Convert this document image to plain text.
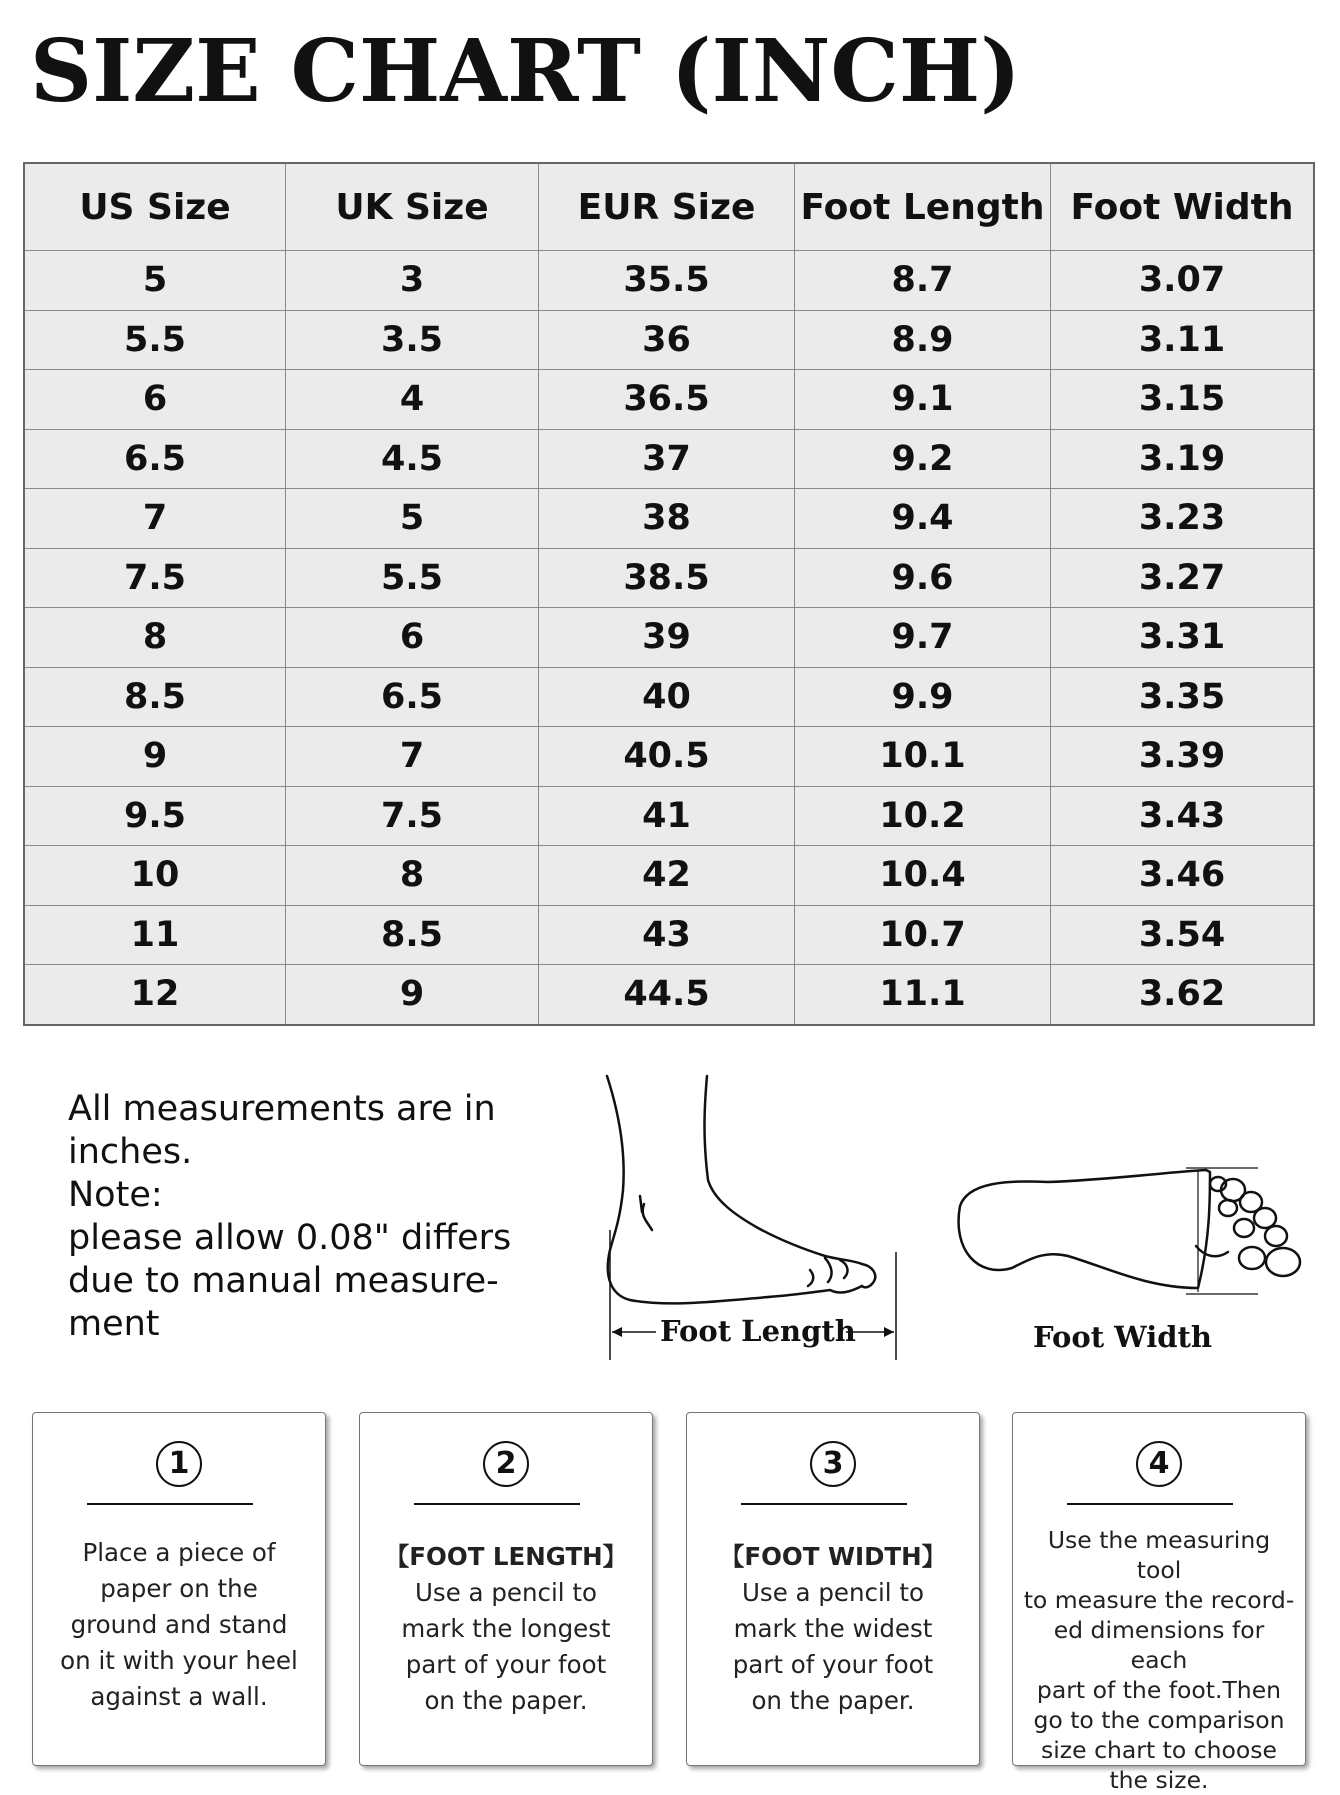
SIZE CHART (INCH)
US Size	UK Size	EUR Size	Foot Length	Foot Width
5	3	35.5	8.7	3.07
5.5	3.5	36	8.9	3.11
6	4	36.5	9.1	3.15
6.5	4.5	37	9.2	3.19
7	5	38	9.4	3.23
7.5	5.5	38.5	9.6	3.27
8	6	39	9.7	3.31
8.5	6.5	40	9.9	3.35
9	7	40.5	10.1	3.39
9.5	7.5	41	10.2	3.43
10	8	42	10.4	3.46
11	8.5	43	10.7	3.54
12	9	44.5	11.1	3.62

All measurements are in

inches.

Note:

please allow 0.08" differs

due to manual measure-

ment	Foot Length	Foot Width
1

Place a piece of

paper on the

ground and stand

on it with your heel

against a wall.

2

【FOOT LENGTH】

Use a pencil to

mark the longest

part of your foot

on the paper.

3

【FOOT WIDTH】

Use a pencil to

mark the widest

part of your foot

on the paper.

4

Use the measuring tool

to measure the record-

ed dimensions for each

part of the foot.Then

go to the comparison

size chart to choose

the size.
